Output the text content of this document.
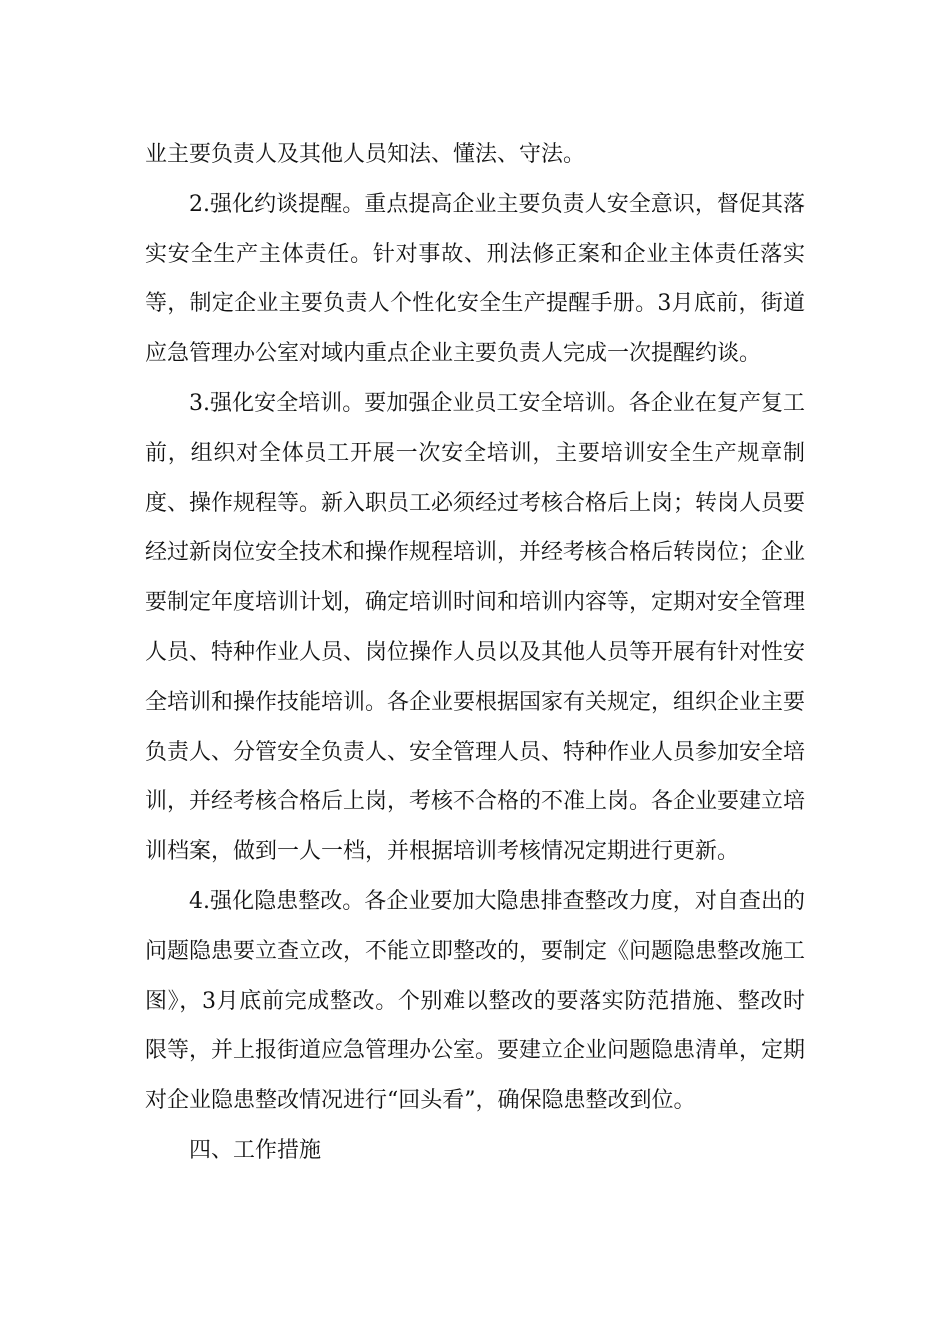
业主要负责人及其他人员知法、懂法、守法。

2.强化约谈提醒。重点提高企业主要负责人安全意识，督促其落实安全生产主体责任。针对事故、刑法修正案和企业主体责任落实等，制定企业主要负责人个性化安全生产提醒手册。3月底前，街道应急管理办公室对域内重点企业主要负责人完成一次提醒约谈。

3.强化安全培训。要加强企业员工安全培训。各企业在复产复工前，组织对全体员工开展一次安全培训，主要培训安全生产规章制度、操作规程等。新入职员工必须经过考核合格后上岗；转岗人员要经过新岗位安全技术和操作规程培训，并经考核合格后转岗位；企业要制定年度培训计划，确定培训时间和培训内容等，定期对安全管理人员、特种作业人员、岗位操作人员以及其他人员等开展有针对性安全培训和操作技能培训。各企业要根据国家有关规定，组织企业主要负责人、分管安全负责人、安全管理人员、特种作业人员参加安全培训，并经考核合格后上岗，考核不合格的不准上岗。各企业要建立培训档案，做到一人一档，并根据培训考核情况定期进行更新。

4.强化隐患整改。各企业要加大隐患排查整改力度，对自查出的问题隐患要立查立改，不能立即整改的，要制定《问题隐患整改施工图》，3月底前完成整改。个别难以整改的要落实防范措施、整改时限等，并上报街道应急管理办公室。要建立企业问题隐患清单，定期对企业隐患整改情况进行“回头看”，确保隐患整改到位。

四、工作措施
